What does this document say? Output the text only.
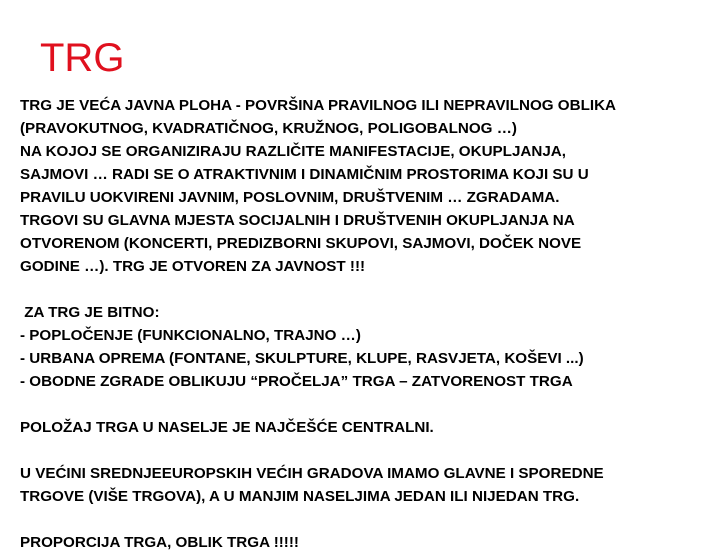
TRG
TRG JE VEĆA JAVNA PLOHA - POVRŠINA PRAVILNOG ILI NEPRAVILNOG OBLIKA
(PRAVOKUTNOG, KVADRATIČNOG, KRUŽNOG, POLIGOBALNOG …)
NA KOJOJ SE ORGANIZIRAJU RAZLIČITE MANIFESTACIJE, OKUPLJANJA,
SAJMOVI … RADI SE O ATRAKTIVNIM I DINAMIČNIM PROSTORIMA KOJI SU U
PRAVILU UOKVIRENI JAVNIM, POSLOVNIM, DRUŠTVENIM … ZGRADAMA.
TRGOVI SU GLAVNA MJESTA SOCIJALNIH I DRUŠTVENIH OKUPLJANJA NA
OTVORENOM (KONCERTI, PREDIZBORNI SKUPOVI, SAJMOVI, DOČEK NOVE
GODINE …). TRG JE OTVOREN ZA JAVNOST !!!
ZA TRG JE BITNO:
- POPLOČENJE (FUNKCIONALNO, TRAJNO …)
- URBANA OPREMA (FONTANE, SKULPTURE, KLUPE, RASVJETA, KOŠEVI ...)
- OBODNE ZGRADE OBLIKUJU “PROČELJA” TRGA – ZATVORENOST TRGA
POLOŽAJ TRGA U NASELJE JE NAJČEŠĆE CENTRALNI.
U VEĆINI SREDNJEEUROPSKIH VEĆIH GRADOVA IMAMO GLAVNE I SPOREDNE
TRGOVE (VIŠE TRGOVA), A U MANJIM NASELJIMA JEDAN ILI NIJEDAN TRG.
PROPORCIJA TRGA, OBLIK TRGA !!!!!
